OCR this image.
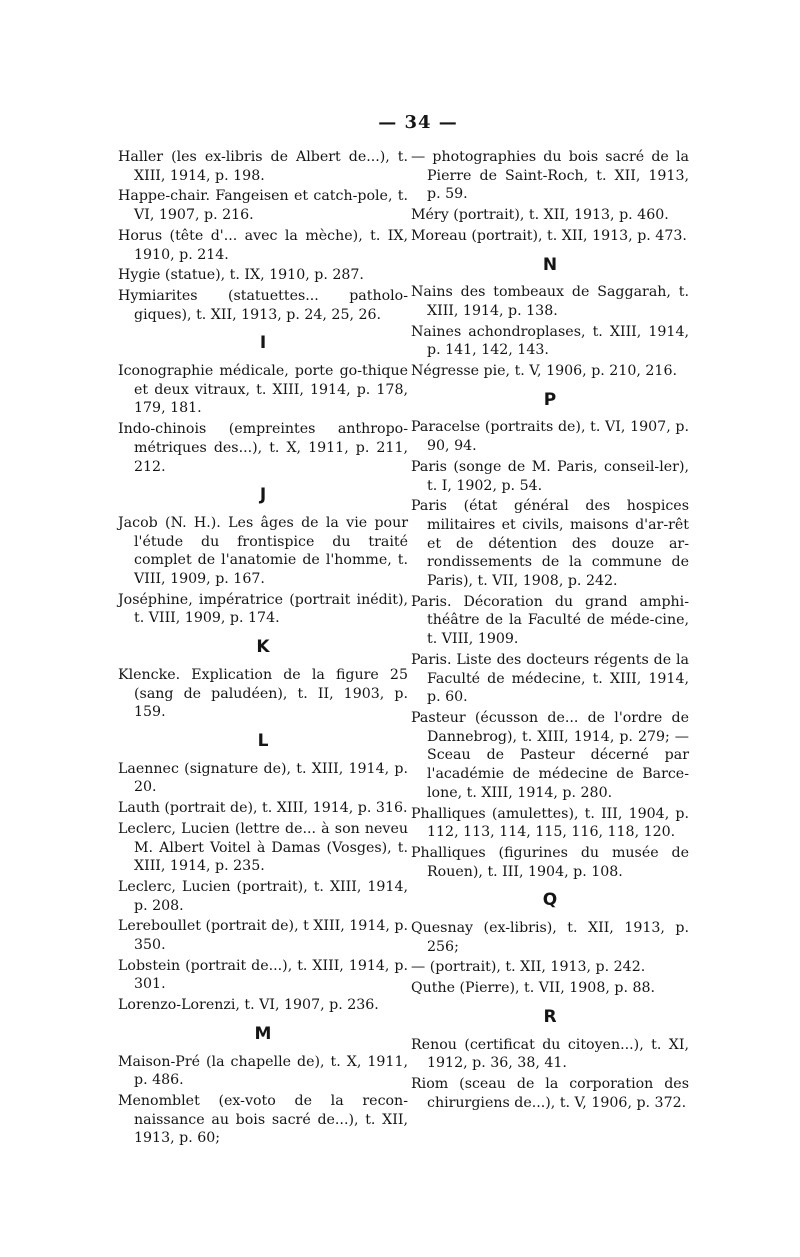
— 34 —
Haller (les ex-libris de Albert de...), t. XIII, 1914, p. 198.
Happe-chair. Fangeisen et catch-pole, t. VI, 1907, p. 216.
Horus (tête d'... avec la mèche), t. IX, 1910, p. 214.
Hygie (statue), t. IX, 1910, p. 287.
Hymiarites (statuettes... patholo-giques), t. XII, 1913, p. 24, 25, 26.
I
Iconographie médicale, porte go-thique et deux vitraux, t. XIII, 1914, p. 178, 179, 181.
Indo-chinois (empreintes anthropo-métriques des...), t. X, 1911, p. 211, 212.
J
Jacob (N. H.). Les âges de la vie pour l'étude du frontispice du traité complet de l'anatomie de l'homme, t. VIII, 1909, p. 167.
Joséphine, impératrice (portrait inédit), t. VIII, 1909, p. 174.
K
Klencke. Explication de la figure 25 (sang de paludéen), t. II, 1903, p. 159.
L
Laennec (signature de), t. XIII, 1914, p. 20.
Lauth (portrait de), t. XIII, 1914, p. 316.
Leclerc, Lucien (lettre de... à son neveu M. Albert Voitel à Damas (Vosges), t. XIII, 1914, p. 235.
Leclerc, Lucien (portrait), t. XIII, 1914, p. 208.
Lereboullet (portrait de), t XIII, 1914, p. 350.
Lobstein (portrait de...), t. XIII, 1914, p. 301.
Lorenzo-Lorenzi, t. VI, 1907, p. 236.
M
Maison-Pré (la chapelle de), t. X, 1911, p. 486.
Menomblet (ex-voto de la recon-naissance au bois sacré de...), t. XII, 1913, p. 60;
— photographies du bois sacré de la Pierre de Saint-Roch, t. XII, 1913, p. 59.
Méry (portrait), t. XII, 1913, p. 460.
Moreau (portrait), t. XII, 1913, p. 473.
N
Nains des tombeaux de Saggarah, t. XIII, 1914, p. 138.
Naines achondroplases, t. XIII, 1914, p. 141, 142, 143.
Négresse pie, t. V, 1906, p. 210, 216.
P
Paracelse (portraits de), t. VI, 1907, p. 90, 94.
Paris (songe de M. Paris, conseil-ler), t. I, 1902, p. 54.
Paris (état général des hospices militaires et civils, maisons d'ar-rêt et de détention des douze ar-rondissements de la commune de Paris), t. VII, 1908, p. 242.
Paris. Décoration du grand amphi-théâtre de la Faculté de méde-cine, t. VIII, 1909.
Paris. Liste des docteurs régents de la Faculté de médecine, t. XIII, 1914, p. 60.
Pasteur (écusson de... de l'ordre de Dannebrog), t. XIII, 1914, p. 279; — Sceau de Pasteur décerné par l'académie de médecine de Barce-lone, t. XIII, 1914, p. 280.
Phalliques (amulettes), t. III, 1904, p. 112, 113, 114, 115, 116, 118, 120.
Phalliques (figurines du musée de Rouen), t. III, 1904, p. 108.
Q
Quesnay (ex-libris), t. XII, 1913, p. 256;
— (portrait), t. XII, 1913, p. 242.
Quthe (Pierre), t. VII, 1908, p. 88.
R
Renou (certificat du citoyen...), t. XI, 1912, p. 36, 38, 41.
Riom (sceau de la corporation des chirurgiens de...), t. V, 1906, p. 372.
